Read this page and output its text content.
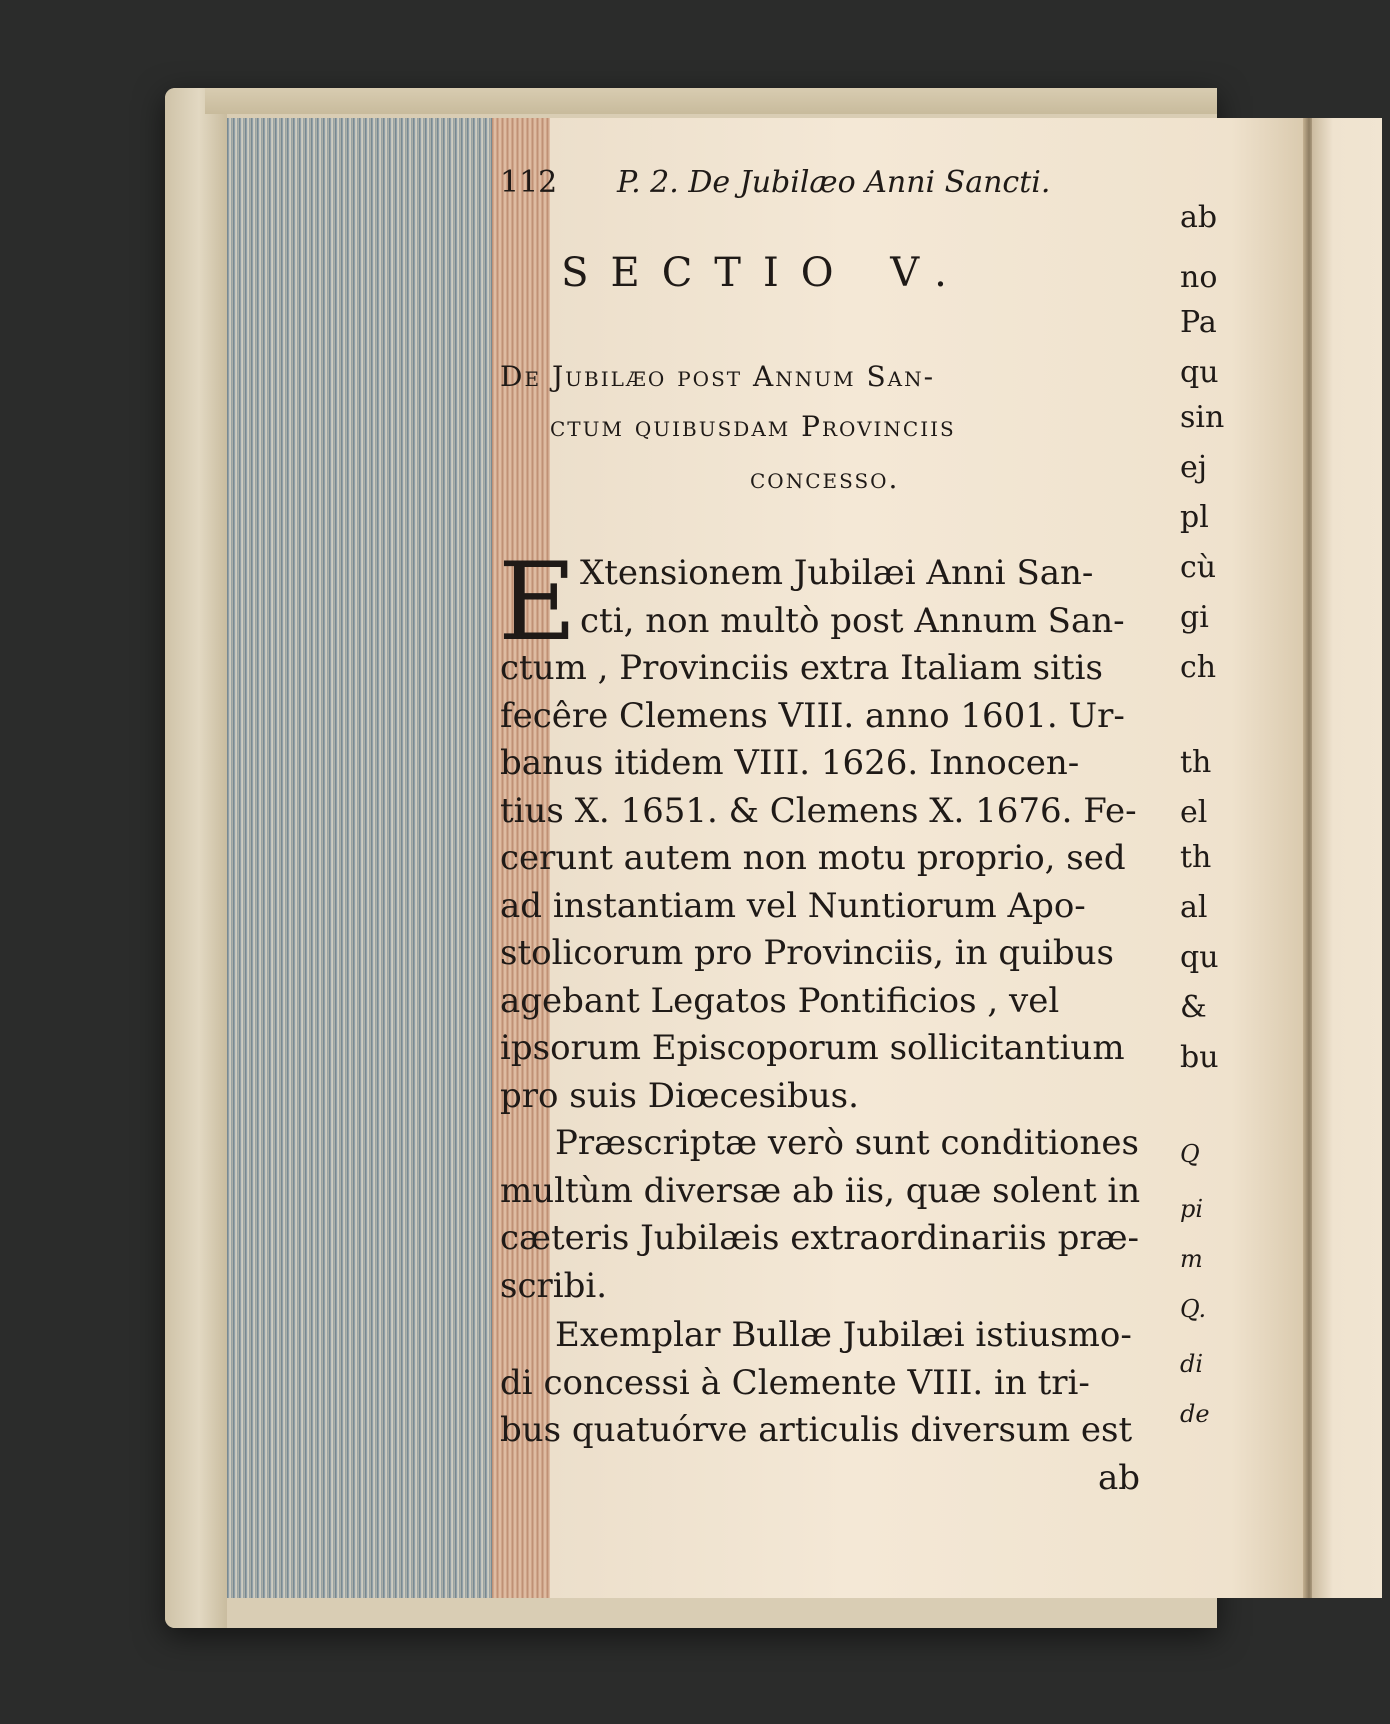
112 P. 2. De Jubilæo Anni Sancti.
SECTIO V.
De Jubilæo post Annum San-
ctum quibusdam Provinciis
concesso.
E Xtensionem Jubilæi Anni San-
cti, non multò post Annum San-
ctum , Provinciis extra Italiam sitis
fecêre Clemens VIII. anno 1601. Ur-
banus itidem VIII. 1626. Innocen-
tius X. 1651. & Clemens X. 1676. Fe-
cerunt autem non motu proprio, sed
ad instantiam vel Nuntiorum Apo-
stolicorum pro Provinciis, in quibus
agebant Legatos Pontificios , vel
ipsorum Episcoporum sollicitantium
pro suis Diœcesibus.
Præscriptæ verò sunt conditiones
multùm diversæ ab iis, quæ solent in
cæteris Jubilæis extraordinariis præ-
scribi.
Exemplar Bullæ Jubilæi istiusmo-
di concessi à Clemente VIII. in tri-
bus quatuórve articulis diversum est
ab
ab
no
Pa
qu
sin
ej
pl
cù
gi
ch
th
el
th
al
qu
&
bu
Q
pi
m
Q.
di
de
